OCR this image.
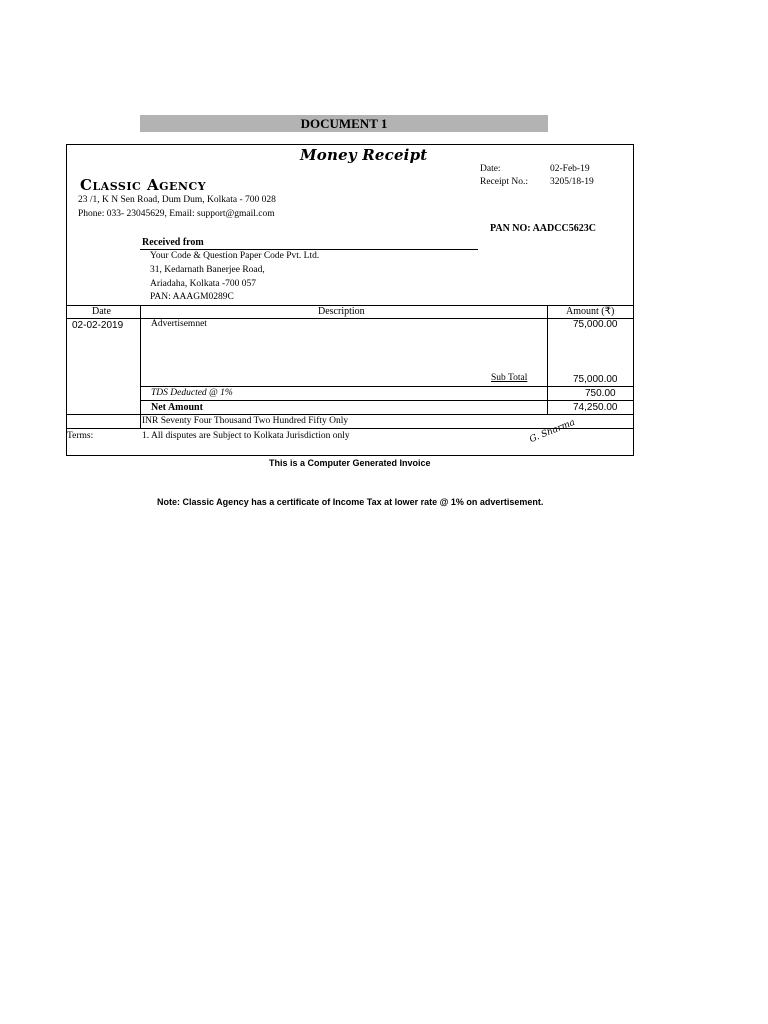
DOCUMENT 1
Money Receipt
Classic Agency
23 /1, K N Sen Road, Dum Dum, Kolkata - 700 028
Phone: 033- 23045629, Email: support@gmail.com
Date:	02-Feb-19
Receipt No.: 3205/18-19
PAN NO: AADCC5623C
Received from
Your Code & Question Paper Code Pvt. Ltd.
31, Kedarnath Banerjee Road,
Ariadaha, Kolkata -700 057
PAN: AAAGM0289C
Date	Description	Amount (₹)
02-02-2019	Advertisemnet	75,000.00
Sub Total	75,000.00
TDS Deducted @ 1%	750.00
Net Amount	74,250.00
INR Seventy Four Thousand Two Hundred Fifty Only
Terms:	1. All disputes are Subject to Kolkata Jurisdiction only	G. Sharma
This is a Computer Generated Invoice
Note: Classic Agency has a certificate of Income Tax at lower rate @ 1% on advertisement.
